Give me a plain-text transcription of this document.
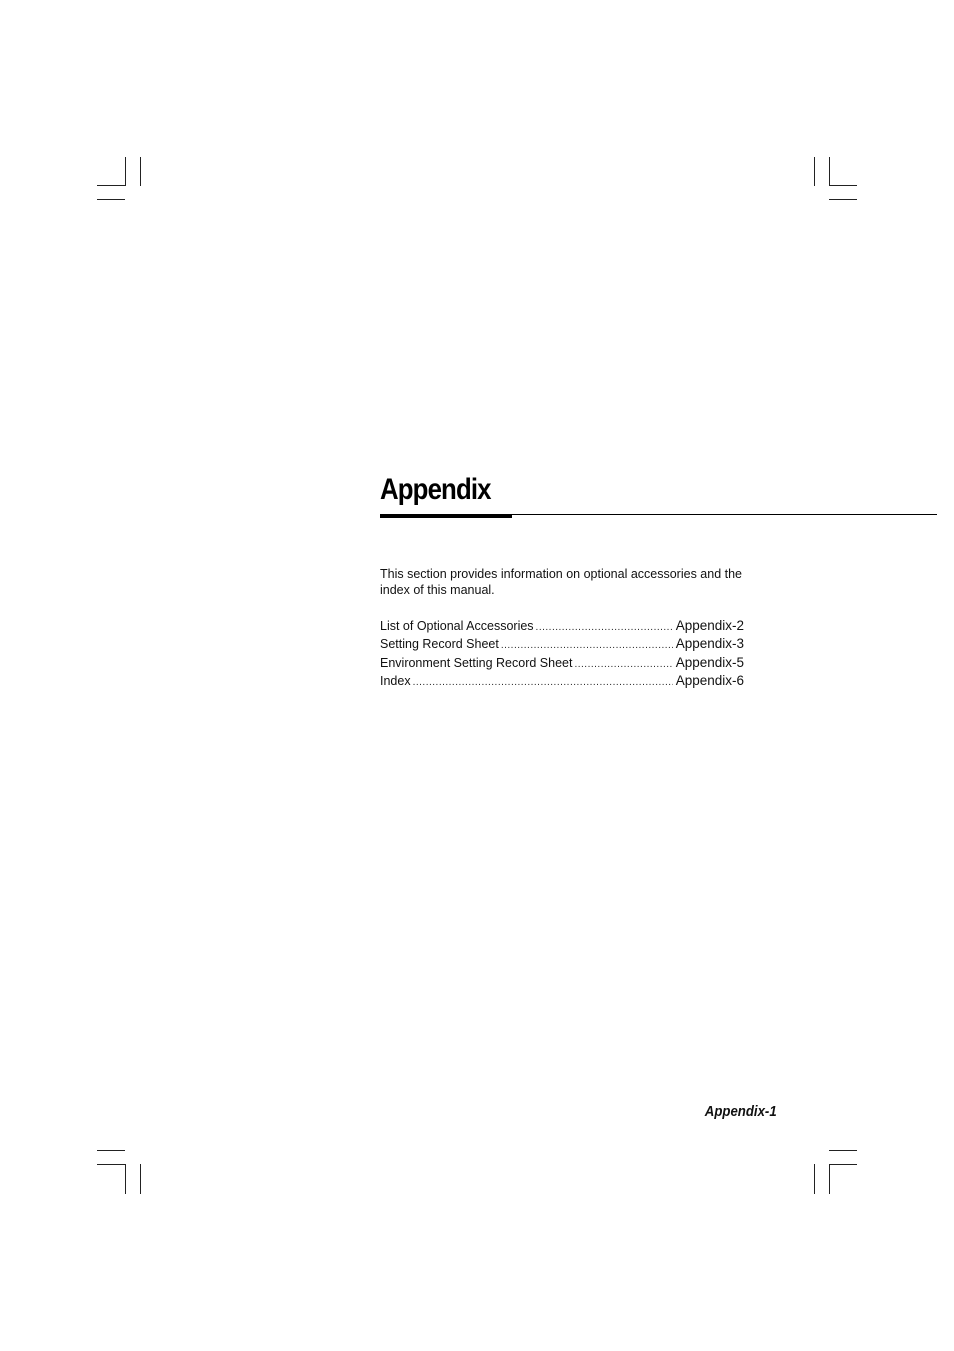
Appendix

This section provides information on optional accessories and the index of this manual.

List of Optional Accessories .....	Appendix-2
Setting Record Sheet .....	Appendix-3
Environment Setting Record Sheet .....	Appendix-5
Index .....	Appendix-6

Appendix-1
